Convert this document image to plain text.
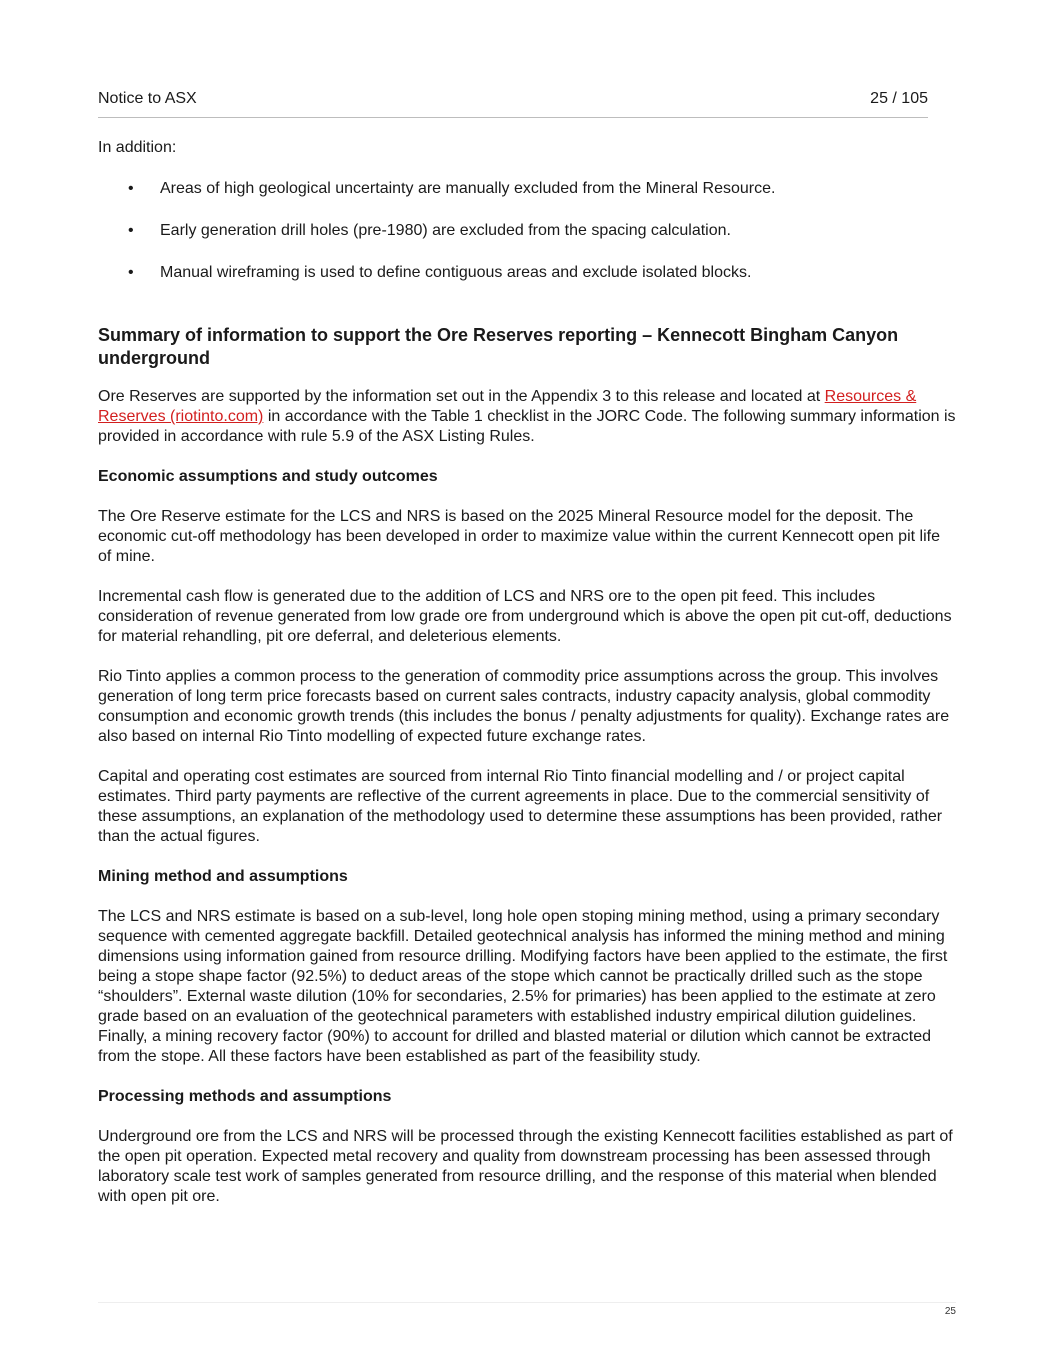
Notice to ASX	25 / 105

In addition:

• Areas of high geological uncertainty are manually excluded from the Mineral Resource.
• Early generation drill holes (pre-1980) are excluded from the spacing calculation.
• Manual wireframing is used to define contiguous areas and exclude isolated blocks.
Summary of information to support the Ore Reserves reporting – Kennecott Bingham Canyon underground

Ore Reserves are supported by the information set out in the Appendix 3 to this release and located at Resources & Reserves (riotinto.com) in accordance with the Table 1 checklist in the JORC Code. The following summary information is provided in accordance with rule 5.9 of the ASX Listing Rules.

Economic assumptions and study outcomes

The Ore Reserve estimate for the LCS and NRS is based on the 2025 Mineral Resource model for the deposit. The economic cut-off methodology has been developed in order to maximize value within the current Kennecott open pit life of mine.

Incremental cash flow is generated due to the addition of LCS and NRS ore to the open pit feed. This includes consideration of revenue generated from low grade ore from underground which is above the open pit cut-off, deductions for material rehandling, pit ore deferral, and deleterious elements.

Rio Tinto applies a common process to the generation of commodity price assumptions across the group. This involves generation of long term price forecasts based on current sales contracts, industry capacity analysis, global commodity consumption and economic growth trends (this includes the bonus / penalty adjustments for quality). Exchange rates are also based on internal Rio Tinto modelling of expected future exchange rates.

Capital and operating cost estimates are sourced from internal Rio Tinto financial modelling and / or project capital estimates. Third party payments are reflective of the current agreements in place. Due to the commercial sensitivity of these assumptions, an explanation of the methodology used to determine these assumptions has been provided, rather than the actual figures.

Mining method and assumptions

The LCS and NRS estimate is based on a sub-level, long hole open stoping mining method, using a primary secondary sequence with cemented aggregate backfill. Detailed geotechnical analysis has informed the mining method and mining dimensions using information gained from resource drilling. Modifying factors have been applied to the estimate, the first being a stope shape factor (92.5%) to deduct areas of the stope which cannot be practically drilled such as the stope “shoulders”. External waste dilution (10% for secondaries, 2.5% for primaries) has been applied to the estimate at zero grade based on an evaluation of the geotechnical parameters with established industry empirical dilution guidelines. Finally, a mining recovery factor (90%) to account for drilled and blasted material or dilution which cannot be extracted from the stope. All these factors have been established as part of the feasibility study.

Processing methods and assumptions

Underground ore from the LCS and NRS will be processed through the existing Kennecott facilities established as part of the open pit operation. Expected metal recovery and quality from downstream processing has been assessed through laboratory scale test work of samples generated from resource drilling, and the response of this material when blended with open pit ore.

25
